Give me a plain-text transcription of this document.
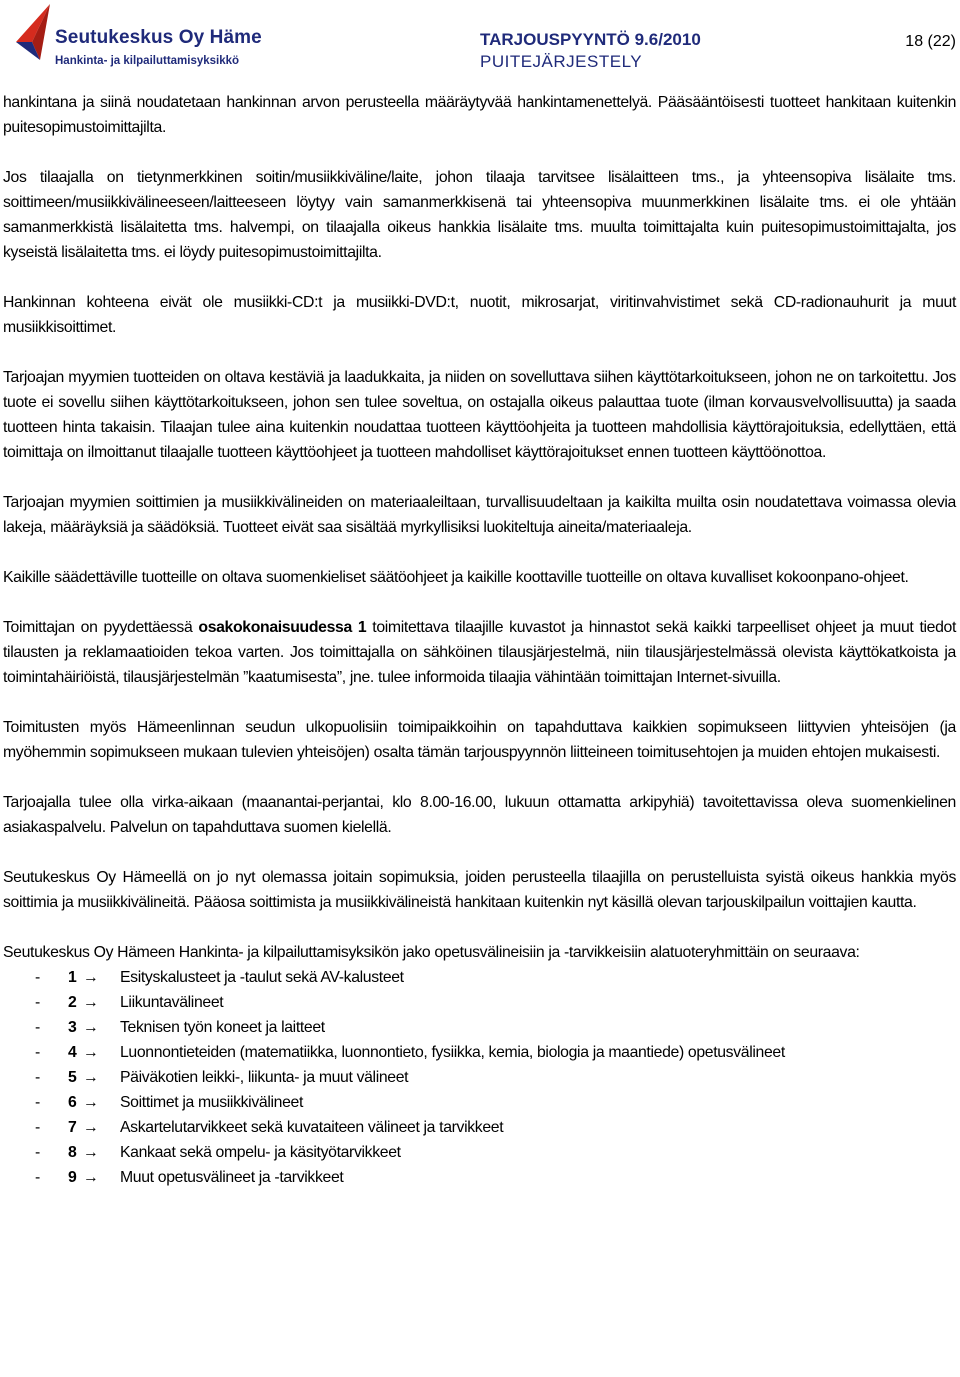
Seutukeskus Oy Häme
Hankinta- ja kilpailuttamisyksikkö
TARJOUSPYYNTÖ 9.6/2010
PUITEJÄRJESTELY
18 (22)

hankintana ja siinä noudatetaan hankinnan arvon perusteella määräytyvää hankintamenettelyä. Pääsääntöisesti tuotteet hankitaan kuitenkin puitesopimustoimittajilta.

Jos tilaajalla on tietynmerkkinen soitin/musiikkiväline/laite, johon tilaaja tarvitsee lisälaitteen tms., ja yhteensopiva lisälaite tms. soittimeen/musiikkivälineeseen/laitteeseen löytyy vain samanmerkkisenä tai yhteensopiva muunmerkkinen lisälaite tms. ei ole yhtään samanmerkkistä lisälaitetta tms. halvempi, on tilaajalla oikeus hankkia lisälaite tms. muulta toimittajalta kuin puitesopimustoimittajalta, jos kyseistä lisälaitetta tms. ei löydy puitesopimustoimittajilta.

Hankinnan kohteena eivät ole musiikki-CD:t ja musiikki-DVD:t, nuotit, mikrosarjat, viritinvahvistimet sekä CD-radionauhurit ja muut musiikkisoittimet.

Tarjoajan myymien tuotteiden on oltava kestäviä ja laadukkaita, ja niiden on sovelluttava siihen käyttötarkoitukseen, johon ne on tarkoitettu. Jos tuote ei sovellu siihen käyttötarkoitukseen, johon sen tulee soveltua, on ostajalla oikeus palauttaa tuote (ilman korvausvelvollisuutta) ja saada tuotteen hinta takaisin. Tilaajan tulee aina kuitenkin noudattaa tuotteen käyttöohjeita ja tuotteen mahdollisia käyttörajoituksia, edellyttäen, että toimittaja on ilmoittanut tilaajalle tuotteen käyttöohjeet ja tuotteen mahdolliset käyttörajoitukset ennen tuotteen käyttöönottoa.

Tarjoajan myymien soittimien ja musiikkivälineiden on materiaaleiltaan, turvallisuudeltaan ja kaikilta muilta osin noudatettava voimassa olevia lakeja, määräyksiä ja säädöksiä. Tuotteet eivät saa sisältää myrkyllisiksi luokiteltuja aineita/materiaaleja.

Kaikille säädettäville tuotteille on oltava suomenkieliset säätöohjeet ja kaikille koottaville tuotteille on oltava kuvalliset kokoonpano-ohjeet.

Toimittajan on pyydettäessä osakokonaisuudessa 1 toimitettava tilaajille kuvastot ja hinnastot sekä kaikki tarpeelliset ohjeet ja muut tiedot tilausten ja reklamaatioiden tekoa varten. Jos toimittajalla on sähköinen tilausjärjestelmä, niin tilausjärjestelmässä olevista käyttökatkoista ja toimintahäiriöistä, tilausjärjestelmän ”kaatumisesta”, jne. tulee informoida tilaajia vähintään toimittajan Internet-sivuilla.

Toimitusten myös Hämeenlinnan seudun ulkopuolisiin toimipaikkoihin on tapahduttava kaikkien sopimukseen liittyvien yhteisöjen (ja myöhemmin sopimukseen mukaan tulevien yhteisöjen) osalta tämän tarjouspyynnön liitteineen toimitusehtojen ja muiden ehtojen mukaisesti.

Tarjoajalla tulee olla virka-aikaan (maanantai-perjantai, klo 8.00-16.00, lukuun ottamatta arkipyhiä) tavoitettavissa oleva suomenkielinen asiakaspalvelu. Palvelun on tapahduttava suomen kielellä.

Seutukeskus Oy Hämeellä on jo nyt olemassa joitain sopimuksia, joiden perusteella tilaajilla on perustelluista syistä oikeus hankkia myös soittimia ja musiikkivälineitä. Pääosa soittimista ja musiikkivälineistä hankitaan kuitenkin nyt käsillä olevan tarjouskilpailun voittajien kautta.

Seutukeskus Oy Hämeen Hankinta- ja kilpailuttamisyksikön jako opetusvälineisiin ja -tarvikkeisiin alatuoteryhmittäin on seuraava:

- 1 → Esityskalusteet ja -taulut sekä AV-kalusteet
- 2 → Liikuntavälineet
- 3 → Teknisen työn koneet ja laitteet
- 4 → Luonnontieteiden (matematiikka, luonnontieto, fysiikka, kemia, biologia ja maantiede) opetusvälineet
- 5 → Päiväkotien leikki-, liikunta- ja muut välineet
- 6 → Soittimet ja musiikkivälineet
- 7 → Askartelutarvikkeet sekä kuvataiteen välineet ja tarvikkeet
- 8 → Kankaat sekä ompelu- ja käsityötarvikkeet
- 9 → Muut opetusvälineet ja -tarvikkeet
